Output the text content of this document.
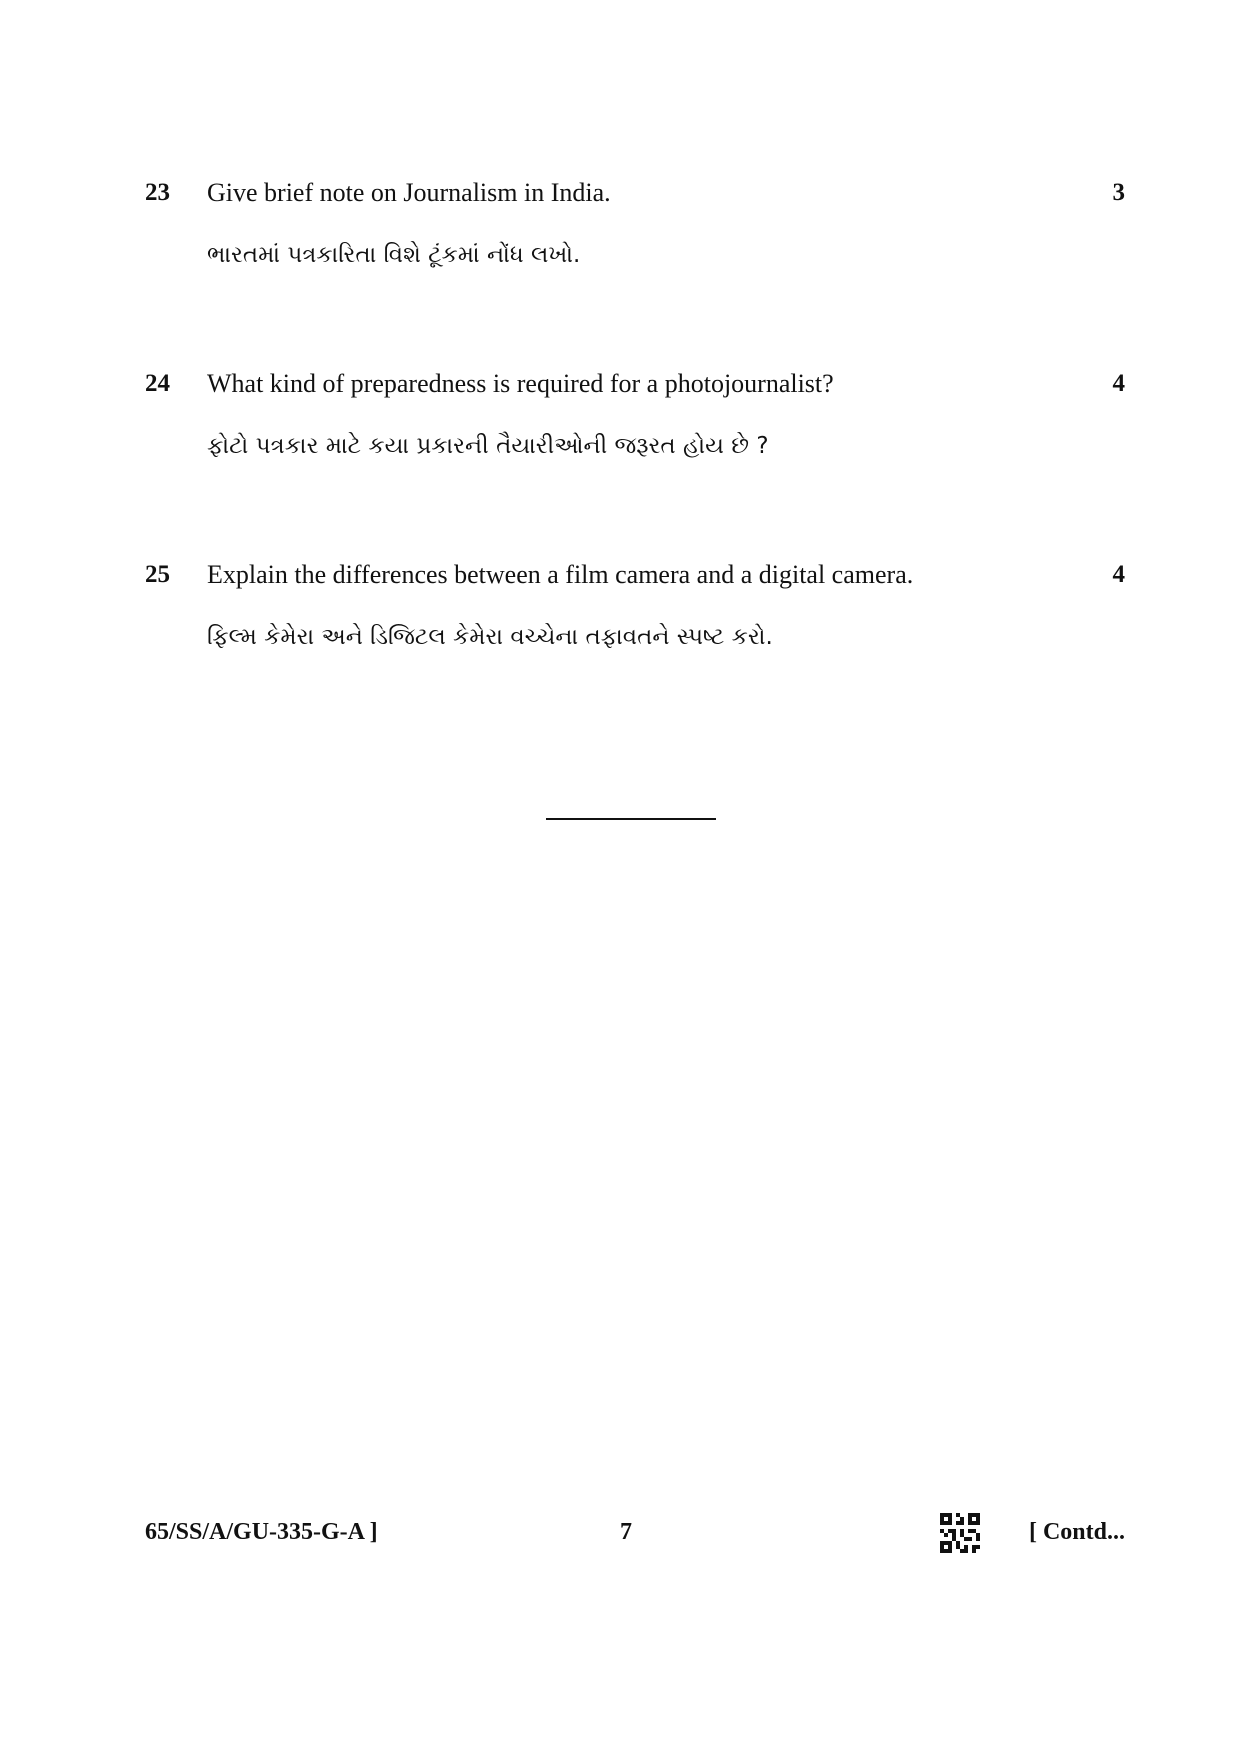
23 Give brief note on Journalism in India.
ભારતમાં પત્રકારિતા વિશે ટૂંકમાં નોંધ લખો.
3
24 What kind of preparedness is required for a photojournalist?
ફોટો પત્રકાર માટે કયા પ્રકારની તૈયારીઓની જરૂરત હોય છે ?
4
25 Explain the differences between a film camera and a digital camera.
ફિલ્મ કેમેરા અને ડિજિટલ કેમેરા વચ્ચેના તફાવતને સ્પષ્ટ કરો.
4
65/SS/A/GU-335-G-A ]	7	[ Contd...
